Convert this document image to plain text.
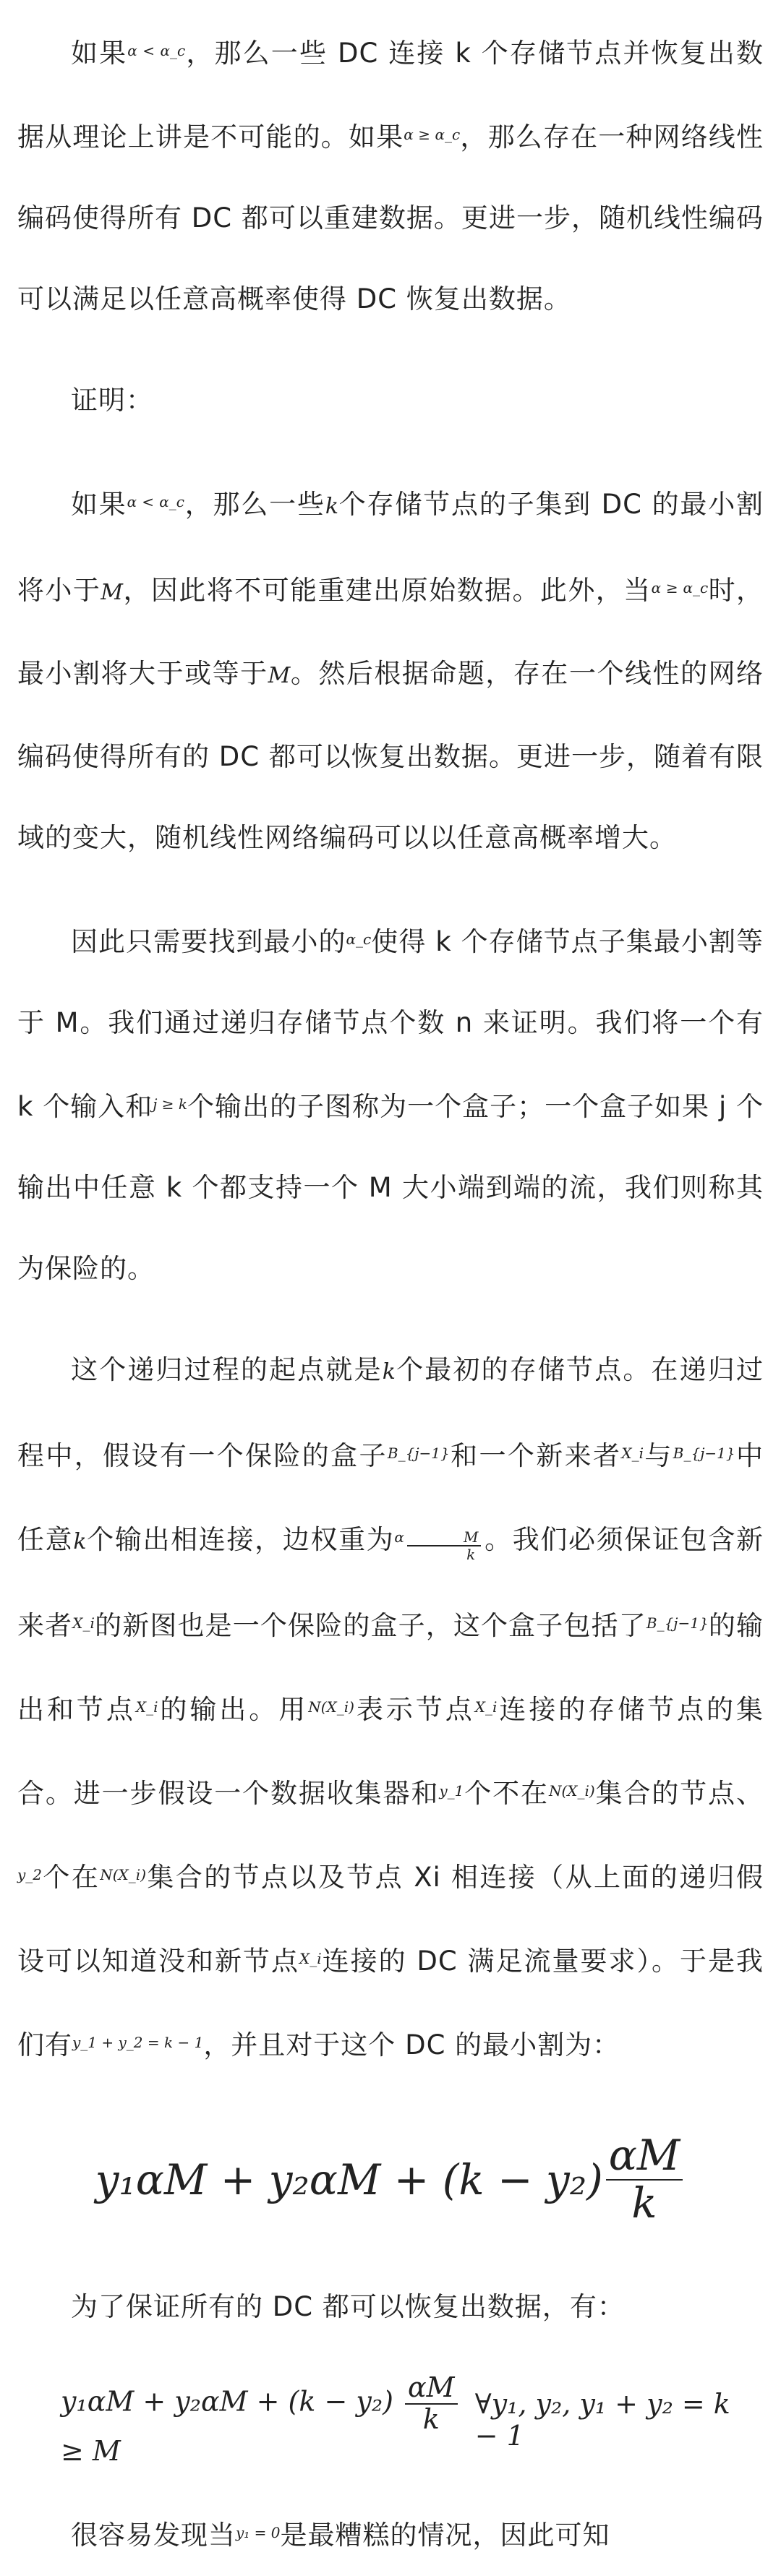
如果$^{\alpha < \alpha\_c}$，那么一些 DC 连接 k 个存储节点并恢复出数据从理论上讲是不可能的。如果$^{\alpha \ge \alpha\_c}$，那么存在一种网络线性编码使得所有 DC 都可以重建数据。更进一步，随机线性编码可以满足以任意高概率使得 DC 恢复出数据。

证明：

如果$^{\alpha < \alpha\_c}$，那么一些k个存储节点的子集到 DC 的最小割将小于M，因此将不可能重建出原始数据。此外，当$^{\alpha \ge \alpha\_c}$时，最小割将大于或等于M。然后根据命题，存在一个线性的网络编码使得所有的 DC 都可以恢复出数据。更进一步，随着有限域的变大，随机线性网络编码可以以任意高概率增大。

因此只需要找到最小的$^{\alpha\_c}$使得 k 个存储节点子集最小割等于 M。我们通过递归存储节点个数 n 来证明。我们将一个有 k 个输入和$^{j \ge k}$个输出的子图称为一个盒子；一个盒子如果 j 个输出中任意 k 个都支持一个 M 大小端到端的流，我们则称其为保险的。

这个递归过程的起点就是k个最初的存储节点。在递归过程中，假设有一个保险的盒子$^{B\_\{j-1\}}$和一个新来者$^{X\_i}$与$^{B\_\{j-1\}}$中任意k个输出相连接，边权重为$^\alpha \frac{M}{k}$ 。我们必须保证包含新来者$^{X\_i}$的新图也是一个保险的盒子，这个盒子包括了$^{B\_\{j-1\}}$的输出和节点$^{X\_i}$的输出。用$^{N(X\_i)}$表示节点$^{X\_i}$连接的存储节点的集合。进一步假设一个数据收集器和$^{y\_1}$个不在$^{N(X\_i)}$集合的节点、$^{y\_2}$个在$^{N(X\_i)}$集合的节点以及节点 Xi 相连接（从上面的递归假设可以知道没和新节点$^{X\_i}$连接的 DC 满足流量要求）。于是我们有$^{y\_1 + y\_2 = k - 1}$，并且对于这个 DC 的最小割为：

$y_1\alpha M + y_2\alpha M + (k - y_2) \frac{\alpha M}{k}$

为了保证所有的 DC 都可以恢复出数据，有：

$y_1\alpha M + y_2\alpha M + (k - y_2) \frac{\alpha M}{k}$
≥ M
∀y₁, y₂, y₁ + y₂ = k − 1

很容易发现当$^{y_1 = 0}$是最糟糕的情况，因此可知
